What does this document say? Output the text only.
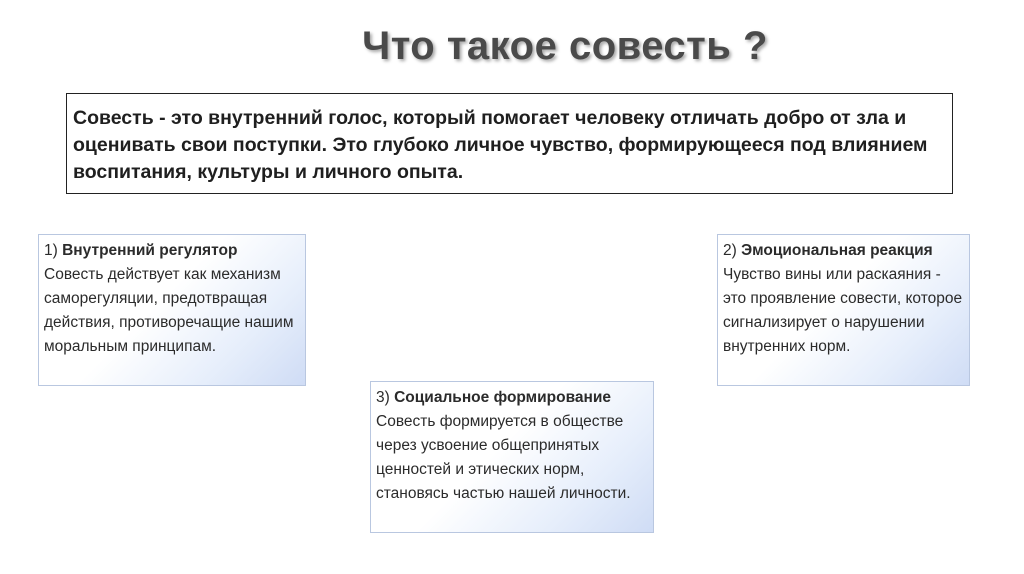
Что такое совесть ?
Совесть - это внутренний голос, который помогает человеку отличать добро от зла и оценивать свои поступки. Это глубоко личное чувство, формирующееся под влиянием воспитания, культуры и личного опыта.
1) Внутренний регулятор
Совесть действует как механизм саморегуляции, предотвращая действия, противоречащие нашим моральным принципам.
2) Эмоциональная реакция
Чувство вины или раскаяния - это проявление совести, которое сигнализирует о нарушении внутренних норм.
3) Социальное формирование
Совесть формируется в обществе через усвоение общепринятых ценностей и этических норм, становясь частью нашей личности.
